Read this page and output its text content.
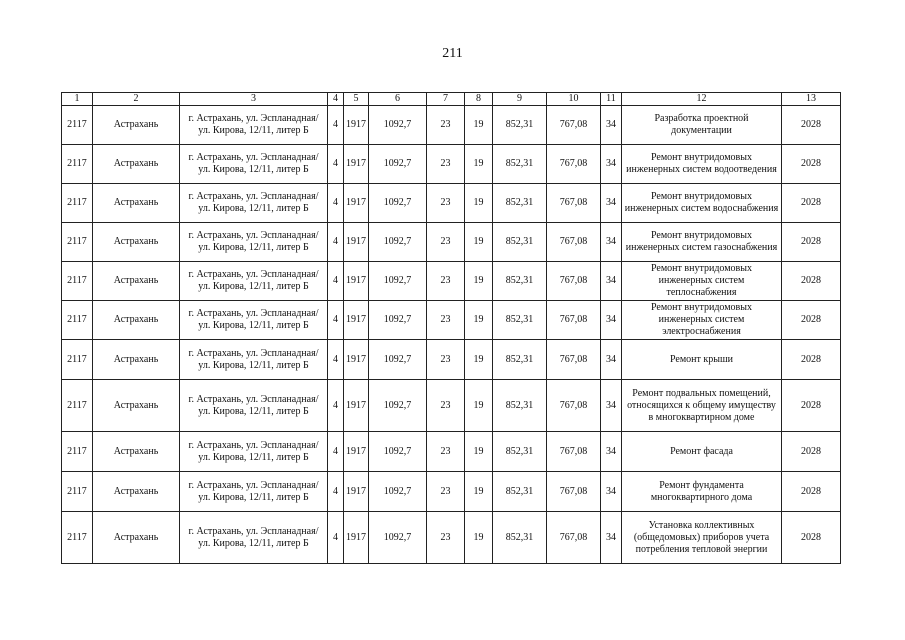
211
1	2	3	4	5	6	7	8	9	10	11	12	13
2117	Астрахань	г. Астрахань, ул. Эспланадная/ ул. Кирова, 12/11, литер Б	4	1917	1092,7	23	19	852,31	767,08	34	Разработка проектной документации	2028
2117	Астрахань	г. Астрахань, ул. Эспланадная/ ул. Кирова, 12/11, литер Б	4	1917	1092,7	23	19	852,31	767,08	34	Ремонт внутридомовых инженерных систем водоотведения	2028
2117	Астрахань	г. Астрахань, ул. Эспланадная/ ул. Кирова, 12/11, литер Б	4	1917	1092,7	23	19	852,31	767,08	34	Ремонт внутридомовых инженерных систем водоснабжения	2028
2117	Астрахань	г. Астрахань, ул. Эспланадная/ ул. Кирова, 12/11, литер Б	4	1917	1092,7	23	19	852,31	767,08	34	Ремонт внутридомовых инженерных систем газоснабжения	2028
2117	Астрахань	г. Астрахань, ул. Эспланадная/ ул. Кирова, 12/11, литер Б	4	1917	1092,7	23	19	852,31	767,08	34	Ремонт внутридомовых инженерных систем теплоснабжения	2028
2117	Астрахань	г. Астрахань, ул. Эспланадная/ ул. Кирова, 12/11, литер Б	4	1917	1092,7	23	19	852,31	767,08	34	Ремонт внутридомовых инженерных систем электроснабжения	2028
2117	Астрахань	г. Астрахань, ул. Эспланадная/ ул. Кирова, 12/11, литер Б	4	1917	1092,7	23	19	852,31	767,08	34	Ремонт крыши	2028
2117	Астрахань	г. Астрахань, ул. Эспланадная/ ул. Кирова, 12/11, литер Б	4	1917	1092,7	23	19	852,31	767,08	34	Ремонт подвальных помещений, относящихся к общему имуществу в многоквартирном доме	2028
2117	Астрахань	г. Астрахань, ул. Эспланадная/ ул. Кирова, 12/11, литер Б	4	1917	1092,7	23	19	852,31	767,08	34	Ремонт фасада	2028
2117	Астрахань	г. Астрахань, ул. Эспланадная/ ул. Кирова, 12/11, литер Б	4	1917	1092,7	23	19	852,31	767,08	34	Ремонт фундамента многоквартирного дома	2028
2117	Астрахань	г. Астрахань, ул. Эспланадная/ ул. Кирова, 12/11, литер Б	4	1917	1092,7	23	19	852,31	767,08	34	Установка коллективных (общедомовых) приборов учета потребления тепловой энергии	2028
